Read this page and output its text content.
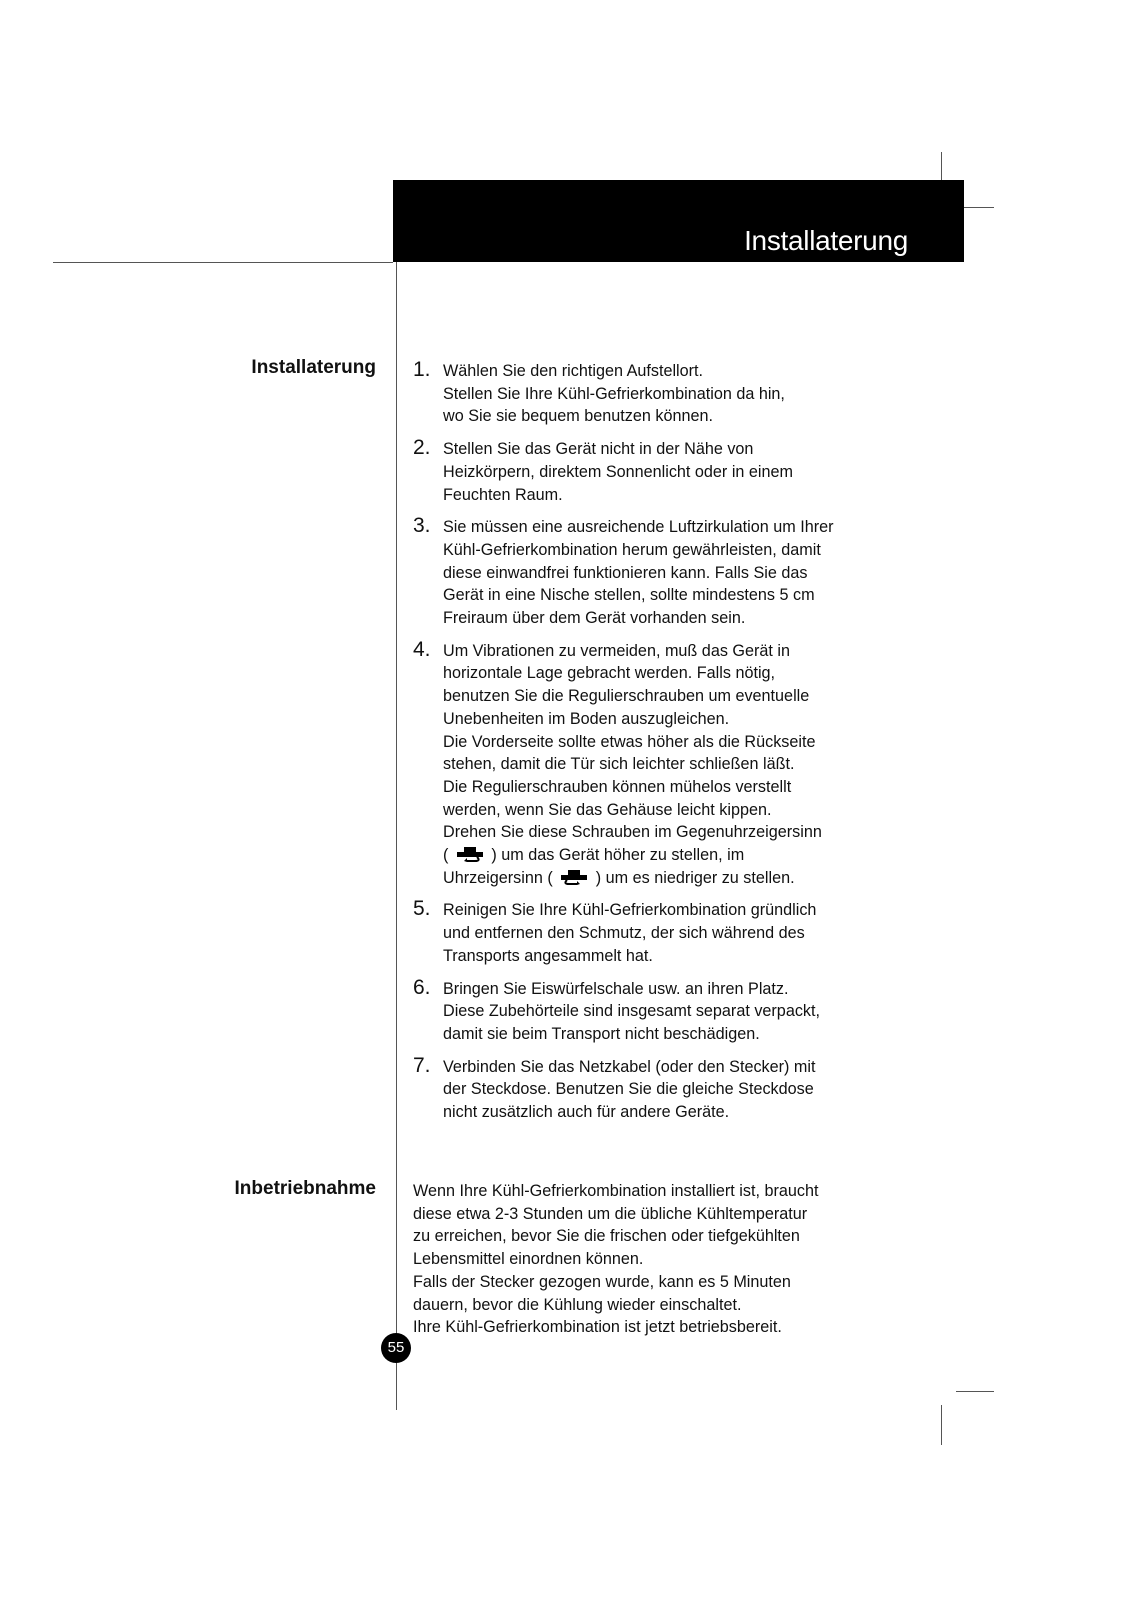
Installaterung
Installaterung
Inbetriebnahme
1. Wählen Sie den richtigen Aufstellort.
Stellen Sie Ihre Kühl-Gefrierkombination da hin,
wo Sie sie bequem benutzen können.
2. Stellen Sie das Gerät nicht in der Nähe von
Heizkörpern, direktem Sonnenlicht oder in einem
Feuchten Raum.
3. Sie müssen eine ausreichende Luftzirkulation um Ihrer
Kühl-Gefrierkombination herum gewährleisten, damit
diese einwandfrei funktionieren kann. Falls Sie das
Gerät in eine Nische stellen, sollte mindestens 5 cm
Freiraum über dem Gerät vorhanden sein.
4. Um Vibrationen zu vermeiden, muß das Gerät in
horizontale Lage gebracht werden. Falls nötig,
benutzen Sie die Regulierschrauben um eventuelle
Unebenheiten im Boden auszugleichen.
Die Vorderseite sollte etwas höher als die Rückseite
stehen, damit die Tür sich leichter schließen läßt.
Die Regulierschrauben können mühelos verstellt
werden, wenn Sie das Gehäuse leicht kippen.
Drehen Sie diese Schrauben im Gegenuhrzeigersinn
(	) um das Gerät höher zu stellen, im
Uhrzeigersinn (	) um es niedriger zu stellen.
5. Reinigen Sie Ihre Kühl-Gefrierkombination gründlich
und entfernen den Schmutz, der sich während des
Transports angesammelt hat.
6. Bringen Sie Eiswürfelschale usw. an ihren Platz.
Diese Zubehörteile sind insgesamt separat verpackt,
damit sie beim Transport nicht beschädigen.
7. Verbinden Sie das Netzkabel (oder den Stecker) mit
der Steckdose. Benutzen Sie die gleiche Steckdose
nicht zusätzlich auch für andere Geräte.
Wenn Ihre Kühl-Gefrierkombination installiert ist, braucht
diese etwa 2-3 Stunden um die übliche Kühltemperatur
zu erreichen, bevor Sie die frischen oder tiefgekühlten
Lebensmittel einordnen können.
Falls der Stecker gezogen wurde, kann es 5 Minuten
dauern, bevor die Kühlung wieder einschaltet.
Ihre Kühl-Gefrierkombination ist jetzt betriebsbereit.
55
